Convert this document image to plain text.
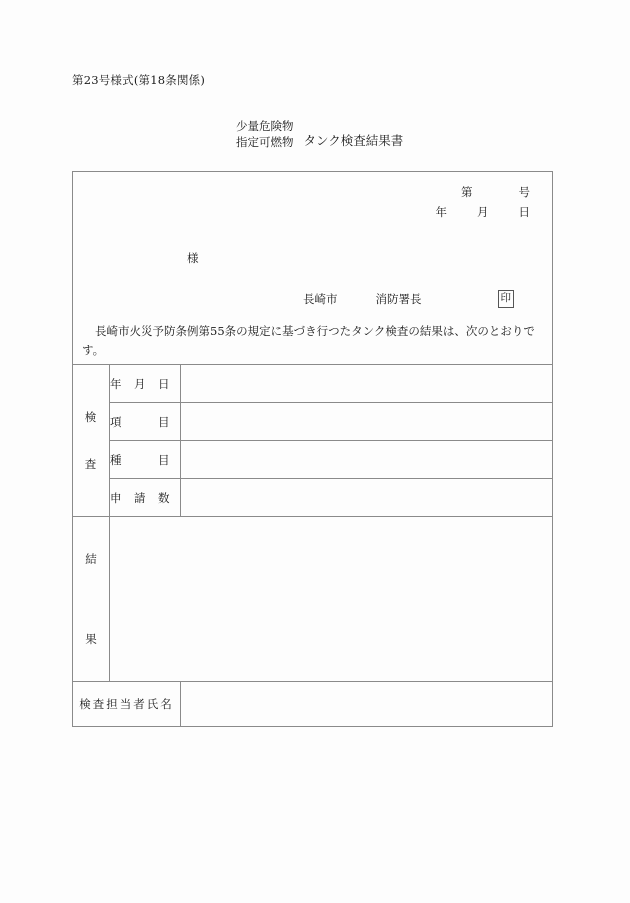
第23号様式(第18条関係)
少量危険物
指定可燃物 タンク検査結果書
第	号
年	月	日
様
長崎市	消防署長	印
長崎市火災予防条例第55条の規定に基づき行つたタンク検査の結果は、次のとおりです。
検
査	年　月　日	
	項　　　目	
	種　　　目	
	申　請　数	

結
果		

検査担当者氏名		
